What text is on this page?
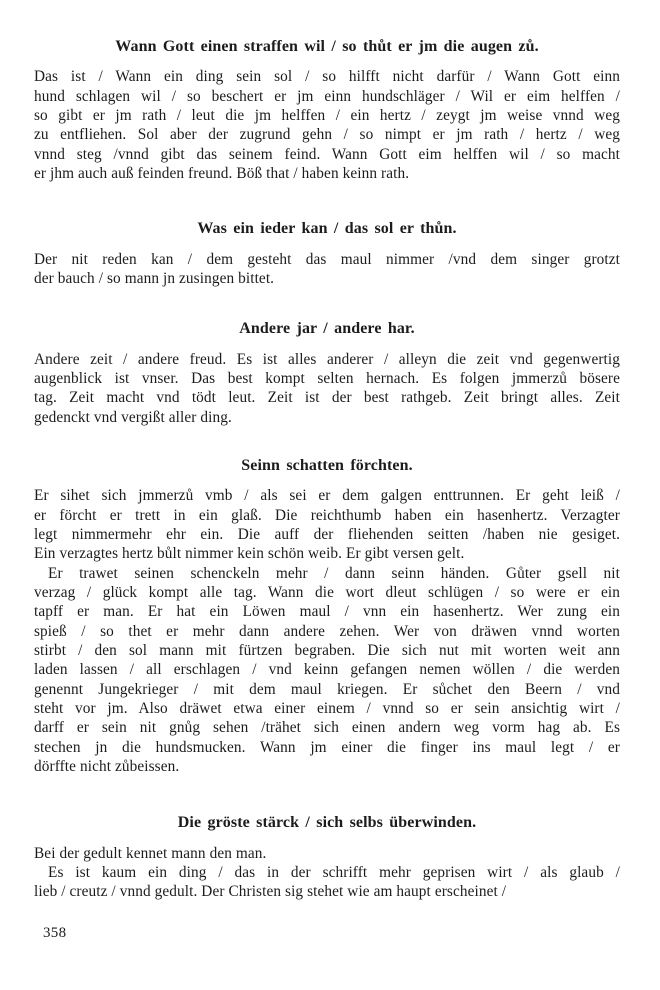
Wann Gott einen straffen wil / so thůt er jm die augen zů.
Das ist / Wann ein ding sein sol / so hilfft nicht darfür / Wann Gott einn
hund schlagen wil / so beschert er jm einn hundschläger / Wil er eim helffen /
so gibt er jm rath / leut die jm helffen / ein hertz / zeygt jm weise vnnd weg
zu entfliehen. Sol aber der zugrund gehn / so nimpt er jm rath / hertz / weg
vnnd steg /vnnd gibt das seinem feind. Wann Gott eim helffen wil / so macht
er jhm auch auß feinden freund. Böß that / haben keinn rath.
Was ein ieder kan / das sol er thůn.
Der nit reden kan / dem gesteht das maul nimmer /vnd dem singer grotzt
der bauch / so mann jn zusingen bittet.
Andere jar / andere har.
Andere zeit / andere freud. Es ist alles anderer / alleyn die zeit vnd gegenwertig
augenblick ist vnser. Das best kompt selten hernach. Es folgen jmmerzů bösere
tag. Zeit macht vnd tödt leut. Zeit ist der best rathgeb. Zeit bringt alles. Zeit
gedenckt vnd vergißt aller ding.
Seinn schatten förchten.
Er sihet sich jmmerzů vmb / als sei er dem galgen enttrunnen. Er geht leiß /
er förcht er trett in ein glaß. Die reichthumb haben ein hasenhertz. Verzagter
legt nimmermehr ehr ein. Die auff der fliehenden seitten /haben nie gesiget.
Ein verzagtes hertz bůlt nimmer kein schön weib. Er gibt versen gelt.
Er trawet seinen schenckeln mehr / dann seinn händen. Gůter gsell nit
verzag / glück kompt alle tag. Wann die wort dleut schlügen / so were er ein
tapff er man. Er hat ein Löwen maul / vnn ein hasenhertz. Wer zung ein
spieß / so thet er mehr dann andere zehen. Wer von dräwen vnnd worten
stirbt / den sol mann mit fürtzen begraben. Die sich nut mit worten weit ann
laden lassen / all erschlagen / vnd keinn gefangen nemen wöllen / die werden
genennt Jungekrieger / mit dem maul kriegen. Er sůchet den Beern / vnd
steht vor jm. Also dräwet etwa einer einem / vnnd so er sein ansichtig wirt /
darff er sein nit gnůg sehen /trähet sich einen andern weg vorm hag ab. Es
stechen jn die hundsmucken. Wann jm einer die finger ins maul legt / er
dörffte nicht zůbeissen.
Die gröste stärck / sich selbs überwinden.
Bei der gedult kennet mann den man.
Es ist kaum ein ding / das in der schrifft mehr geprisen wirt / als glaub /
lieb / creutz / vnnd gedult. Der Christen sig stehet wie am haupt erscheinet /
358
